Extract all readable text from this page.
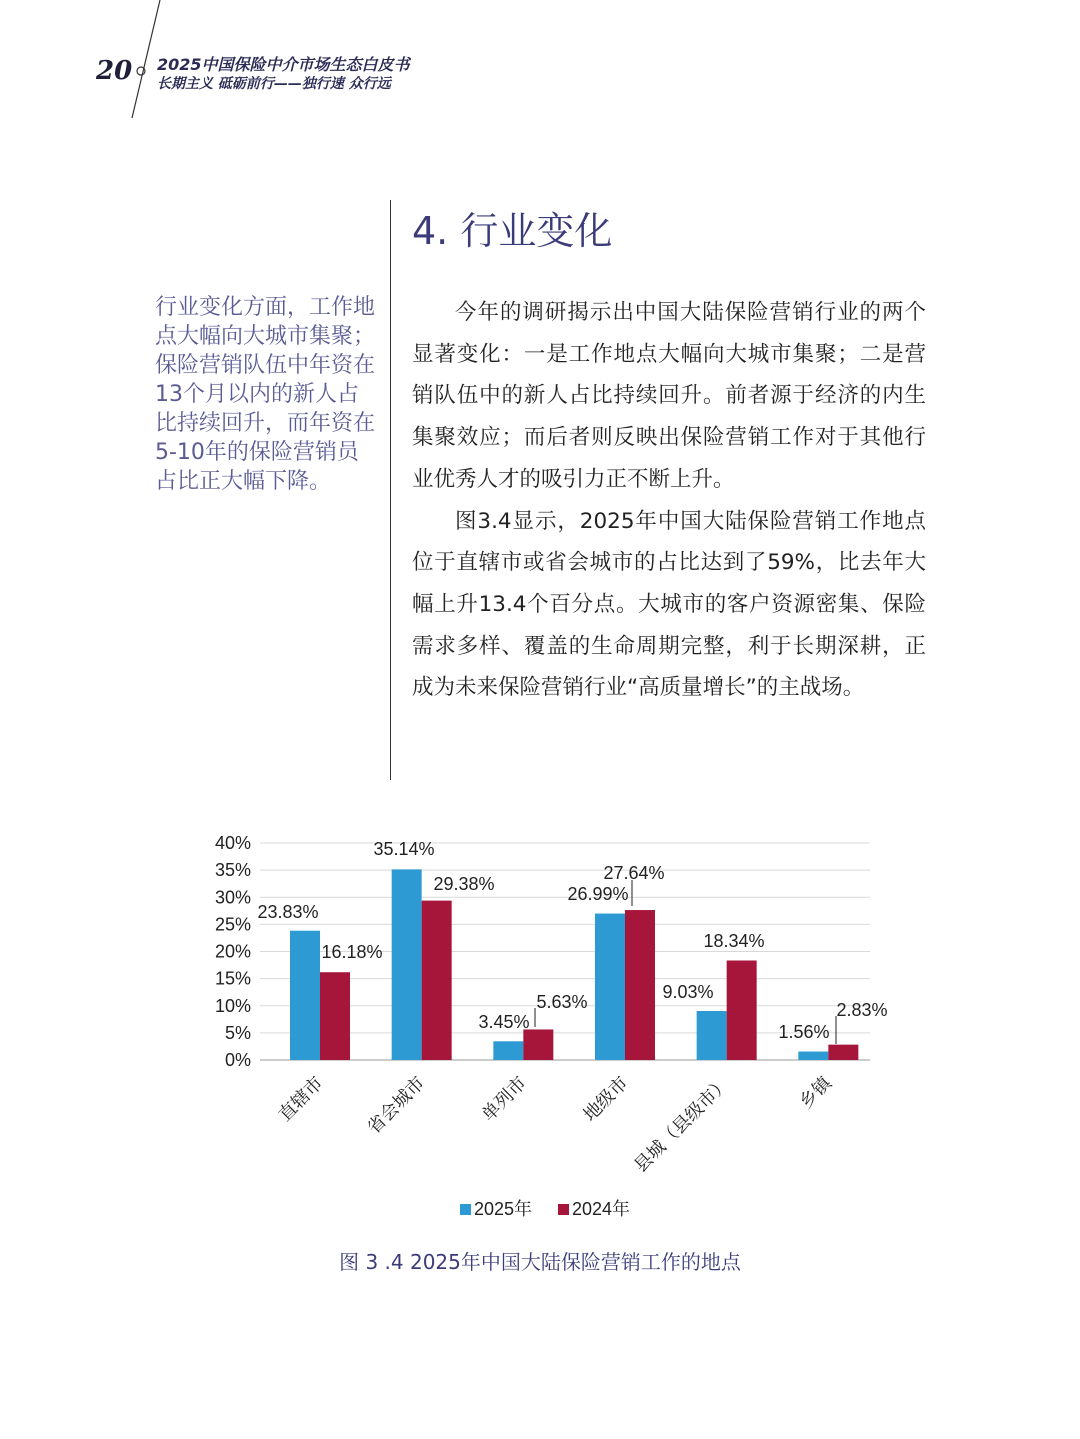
20 2025中国保险中介市场生态白皮书
长期主义 砥砺前行——独行速 众行远
4. 行业变化
行业变化方面，工作地点大幅向大城市集聚；保险营销队伍中年资在13个月以内的新人占比持续回升，而年资在5-10年的保险营销员占比正大幅下降。

今年的调研揭示出中国大陆保险营销行业的两个显著变化：一是工作地点大幅向大城市集聚；二是营销队伍中的新人占比持续回升。前者源于经济的内生集聚效应；而后者则反映出保险营销工作对于其他行业优秀人才的吸引力正不断上升。

图3.4显示，2025年中国大陆保险营销工作地点位于直辖市或省会城市的占比达到了59%，比去年大幅上升13.4个百分点。大城市的客户资源密集、保险需求多样、覆盖的生命周期完整，利于长期深耕，正成为未来保险营销行业“高质量增长”的主战场。

0%
5%
10%
15%
20%
25%
30%
35%
40%
直辖市 省会城市	单列市	地级市
县城（县级市）	乡镇
23.83%
16.18%
35.14%
29.38%
3.45%
5.63%
26.99%
27.64%
9.03%
18.34%
1.56%
2.83%
2025年 2024年
图 3 .4 2025年中国大陆保险营销工作的地点
